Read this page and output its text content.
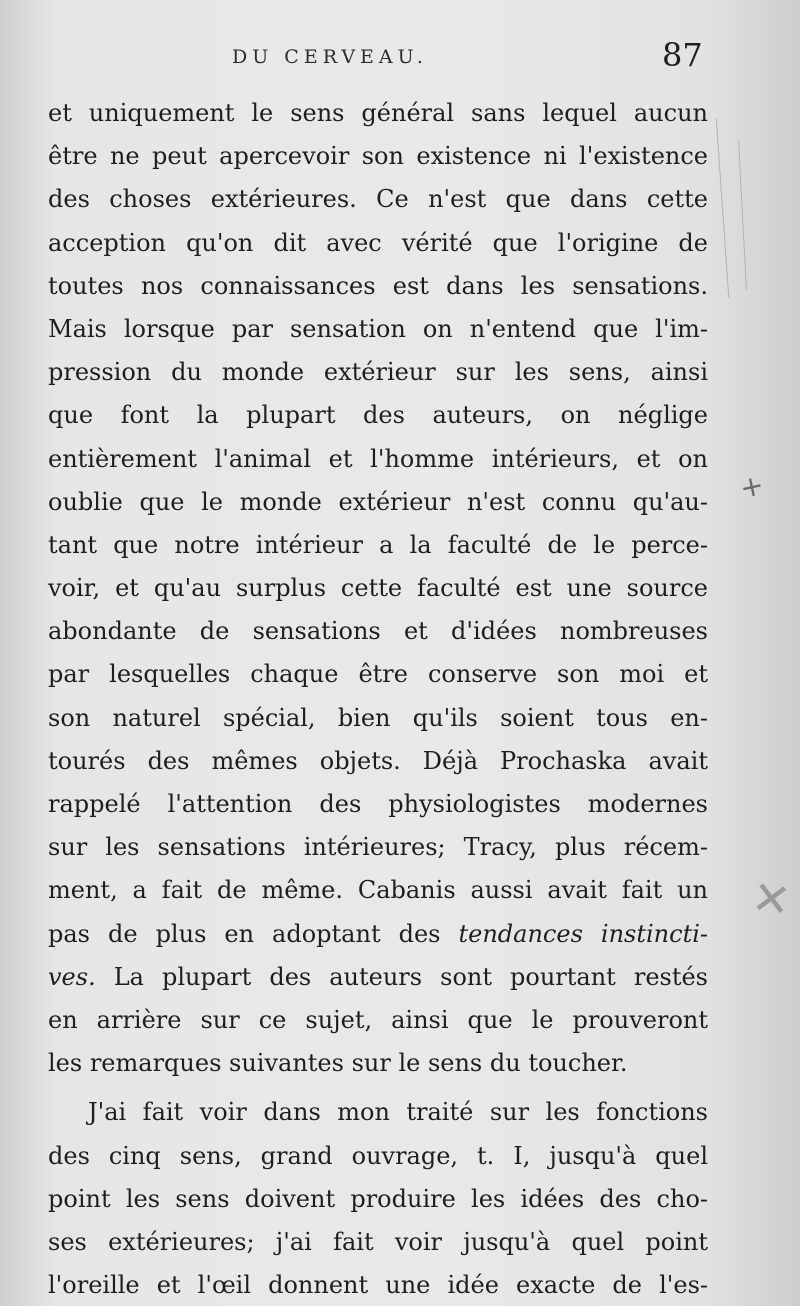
DU CERVEAU.	87
et uniquement le sens général sans lequel aucun
être ne peut apercevoir son existence ni l'existence
des choses extérieures. Ce n'est que dans cette
acception qu'on dit avec vérité que l'origine de
toutes nos connaissances est dans les sensations.
Mais lorsque par sensation on n'entend que l'im-
pression du monde extérieur sur les sens, ainsi
que font la plupart des auteurs, on néglige
entièrement l'animal et l'homme intérieurs, et on
oublie que le monde extérieur n'est connu qu'au-
tant que notre intérieur a la faculté de le perce-
voir, et qu'au surplus cette faculté est une source
abondante de sensations et d'idées nombreuses
par lesquelles chaque être conserve son moi et
son naturel spécial, bien qu'ils soient tous en-
tourés des mêmes objets. Déjà Prochaska avait
rappelé l'attention des physiologistes modernes
sur les sensations intérieures; Tracy, plus récem-
ment, a fait de même. Cabanis aussi avait fait un
pas de plus en adoptant des tendances instincti-
ves. La plupart des auteurs sont pourtant restés
en arrière sur ce sujet, ainsi que le prouveront
les remarques suivantes sur le sens du toucher.
J'ai fait voir dans mon traité sur les fonctions
des cinq sens, grand ouvrage, t. I, jusqu'à quel
point les sens doivent produire les idées des cho-
ses extérieures; j'ai fait voir jusqu'à quel point
l'oreille et l'œil donnent une idée exacte de l'es-
+
✕
